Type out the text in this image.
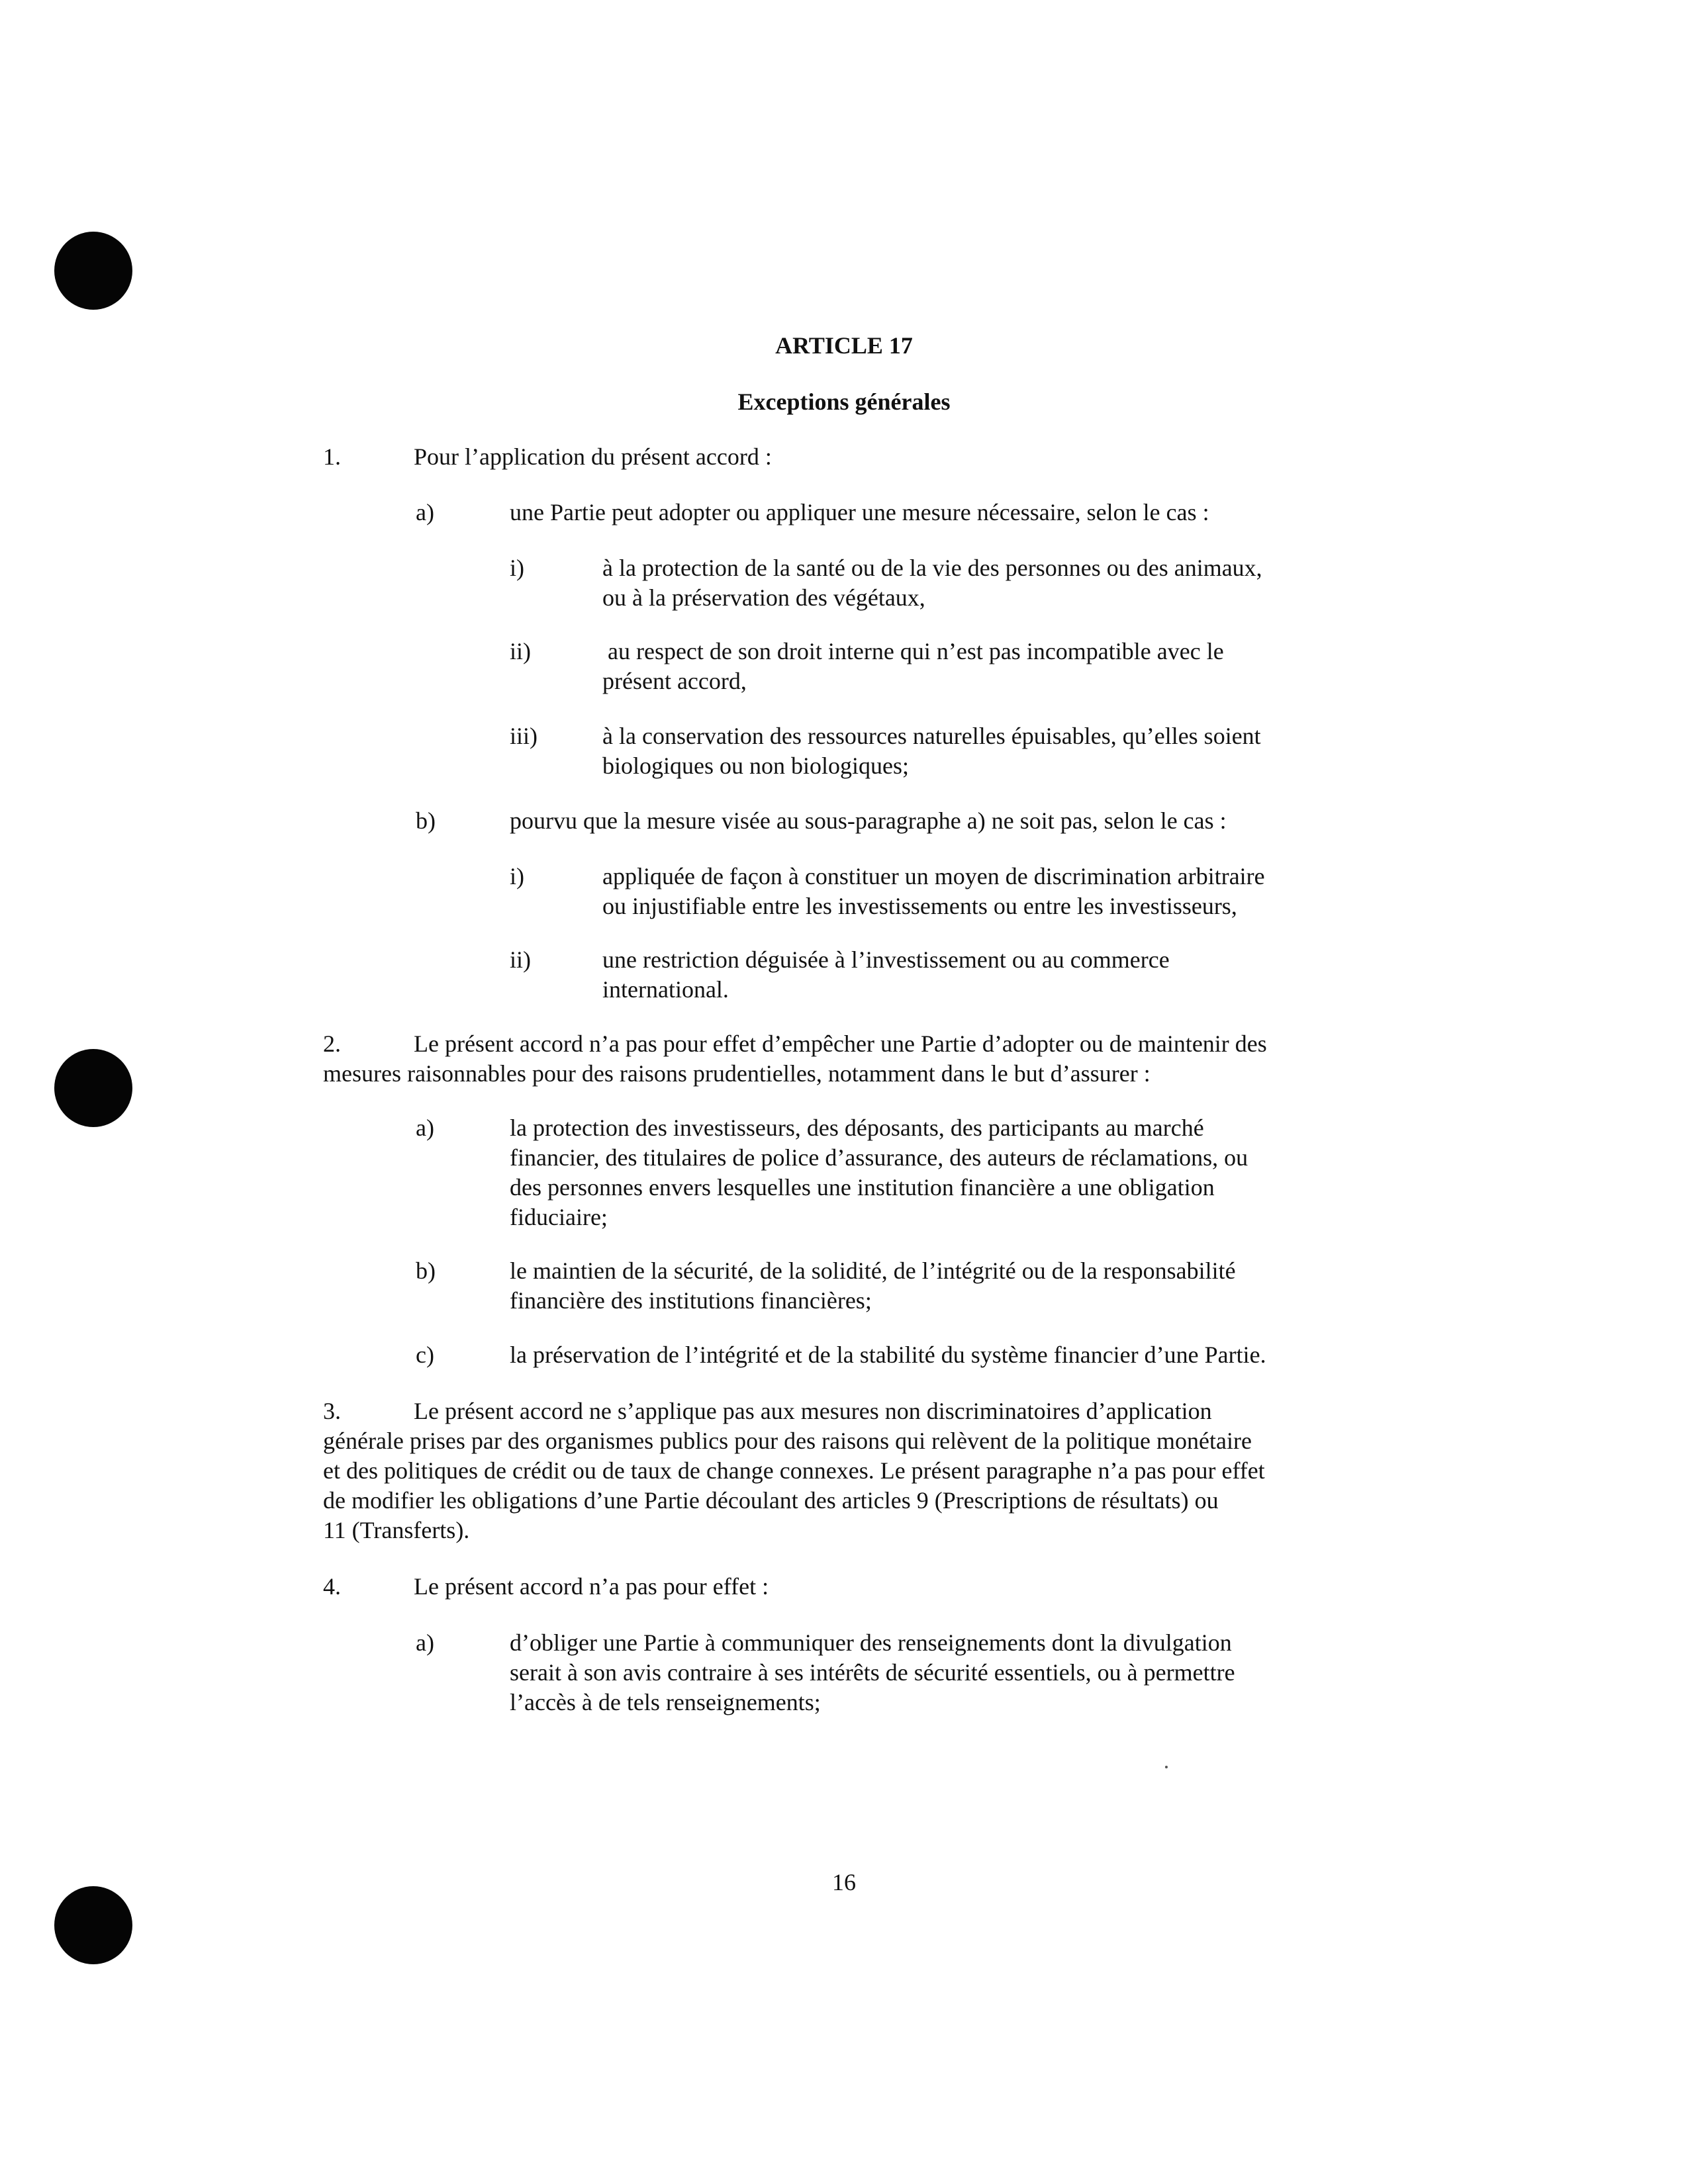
ARTICLE 17
Exceptions générales
1.	Pour l’application du présent accord :
a)	une Partie peut adopter ou appliquer une mesure nécessaire, selon le cas :
i)	à la protection de la santé ou de la vie des personnes ou des animaux,
ou à la préservation des végétaux,
ii)	au respect de son droit interne qui n’est pas incompatible avec le
présent accord,
iii)	à la conservation des ressources naturelles épuisables, qu’elles soient
biologiques ou non biologiques;
b)	pourvu que la mesure visée au sous-paragraphe a) ne soit pas, selon le cas :
i)	appliquée de façon à constituer un moyen de discrimination arbitraire
ou injustifiable entre les investissements ou entre les investisseurs,
ii)	une restriction déguisée à l’investissement ou au commerce
international.
2.	Le présent accord n’a pas pour effet d’empêcher une Partie d’adopter ou de maintenir des
mesures raisonnables pour des raisons prudentielles, notamment dans le but d’assurer :
a)	la protection des investisseurs, des déposants, des participants au marché
financier, des titulaires de police d’assurance, des auteurs de réclamations, ou
des personnes envers lesquelles une institution financière a une obligation
fiduciaire;
b)	le maintien de la sécurité, de la solidité, de l’intégrité ou de la responsabilité
financière des institutions financières;
c)	la préservation de l’intégrité et de la stabilité du système financier d’une Partie.
3.	Le présent accord ne s’applique pas aux mesures non discriminatoires d’application
générale prises par des organismes publics pour des raisons qui relèvent de la politique monétaire
et des politiques de crédit ou de taux de change connexes. Le présent paragraphe n’a pas pour effet
de modifier les obligations d’une Partie découlant des articles 9 (Prescriptions de résultats) ou
11 (Transferts).
4.	Le présent accord n’a pas pour effet :
a)	d’obliger une Partie à communiquer des renseignements dont la divulgation
serait à son avis contraire à ses intérêts de sécurité essentiels, ou à permettre
l’accès à de tels renseignements;
16
